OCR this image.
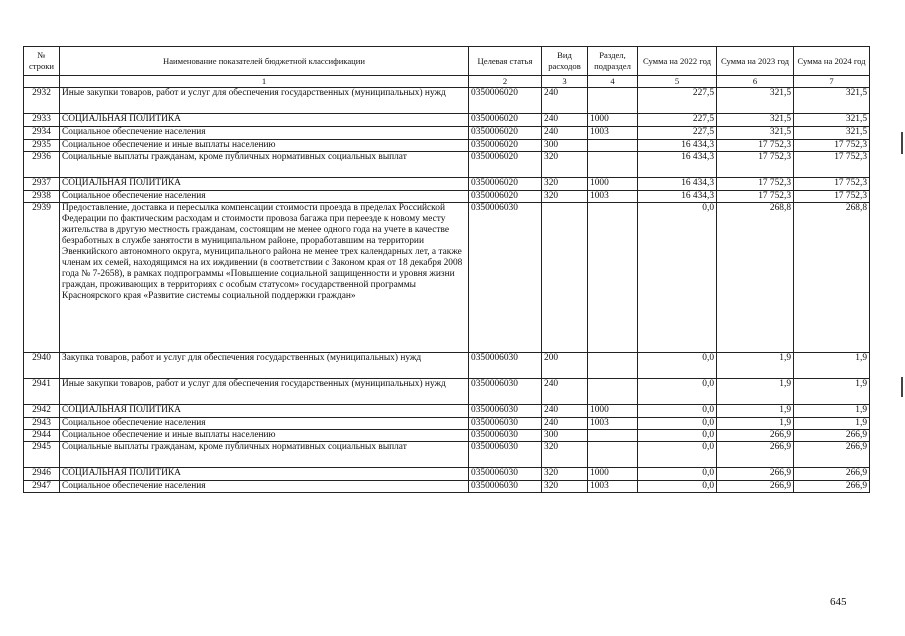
№ строки	Наименование показателей бюджетной классификации	Целевая статья	Вид расходов	Раздел, подраздел	Сумма на 2022 год	Сумма на 2023 год	Сумма на 2024 год
	1	2	3	4	5	6	7
2932	Иные закупки товаров, работ и услуг для обеспечения государственных (муниципальных) нужд	0350006020	240		227,5	321,5	321,5
2933	СОЦИАЛЬНАЯ ПОЛИТИКА	0350006020	240	1000	227,5	321,5	321,5
2934	Социальное обеспечение населения	0350006020	240	1003	227,5	321,5	321,5
2935	Социальное обеспечение и иные выплаты населению	0350006020	300		16 434,3	17 752,3	17 752,3
2936	Социальные выплаты гражданам, кроме публичных нормативных социальных выплат	0350006020	320		16 434,3	17 752,3	17 752,3
2937	СОЦИАЛЬНАЯ ПОЛИТИКА	0350006020	320	1000	16 434,3	17 752,3	17 752,3
2938	Социальное обеспечение населения	0350006020	320	1003	16 434,3	17 752,3	17 752,3
2939	Предоставление, доставка и пересылка компенсации стоимости проезда в пределах Российской Федерации по фактическим расходам и стоимости провоза багажа при переезде к новому месту жительства в другую местность гражданам, состоящим не менее одного года на учете в качестве безработных в службе занятости в муниципальном районе, проработавшим на территории Эвенкийского автономного округа, муниципального района не менее трех календарных лет, а также членам их семей, находящимся на их иждивении (в соответствии с Законом края от 18 декабря 2008 года № 7-2658), в рамках подпрограммы «Повышение социальной защищенности и уровня жизни граждан, проживающих в территориях с особым статусом» государственной программы Красноярского края «Развитие системы социальной поддержки граждан»	0350006030			0,0	268,8	268,8
2940	Закупка товаров, работ и услуг для обеспечения государственных (муниципальных) нужд	0350006030	200		0,0	1,9	1,9
2941	Иные закупки товаров, работ и услуг для обеспечения государственных (муниципальных) нужд	0350006030	240		0,0	1,9	1,9
2942	СОЦИАЛЬНАЯ ПОЛИТИКА	0350006030	240	1000	0,0	1,9	1,9
2943	Социальное обеспечение населения	0350006030	240	1003	0,0	1,9	1,9
2944	Социальное обеспечение и иные выплаты населению	0350006030	300		0,0	266,9	266,9
2945	Социальные выплаты гражданам, кроме публичных нормативных социальных выплат	0350006030	320		0,0	266,9	266,9
2946	СОЦИАЛЬНАЯ ПОЛИТИКА	0350006030	320	1000	0,0	266,9	266,9
2947	Социальное обеспечение населения	0350006030	320	1003	0,0	266,9	266,9
645
